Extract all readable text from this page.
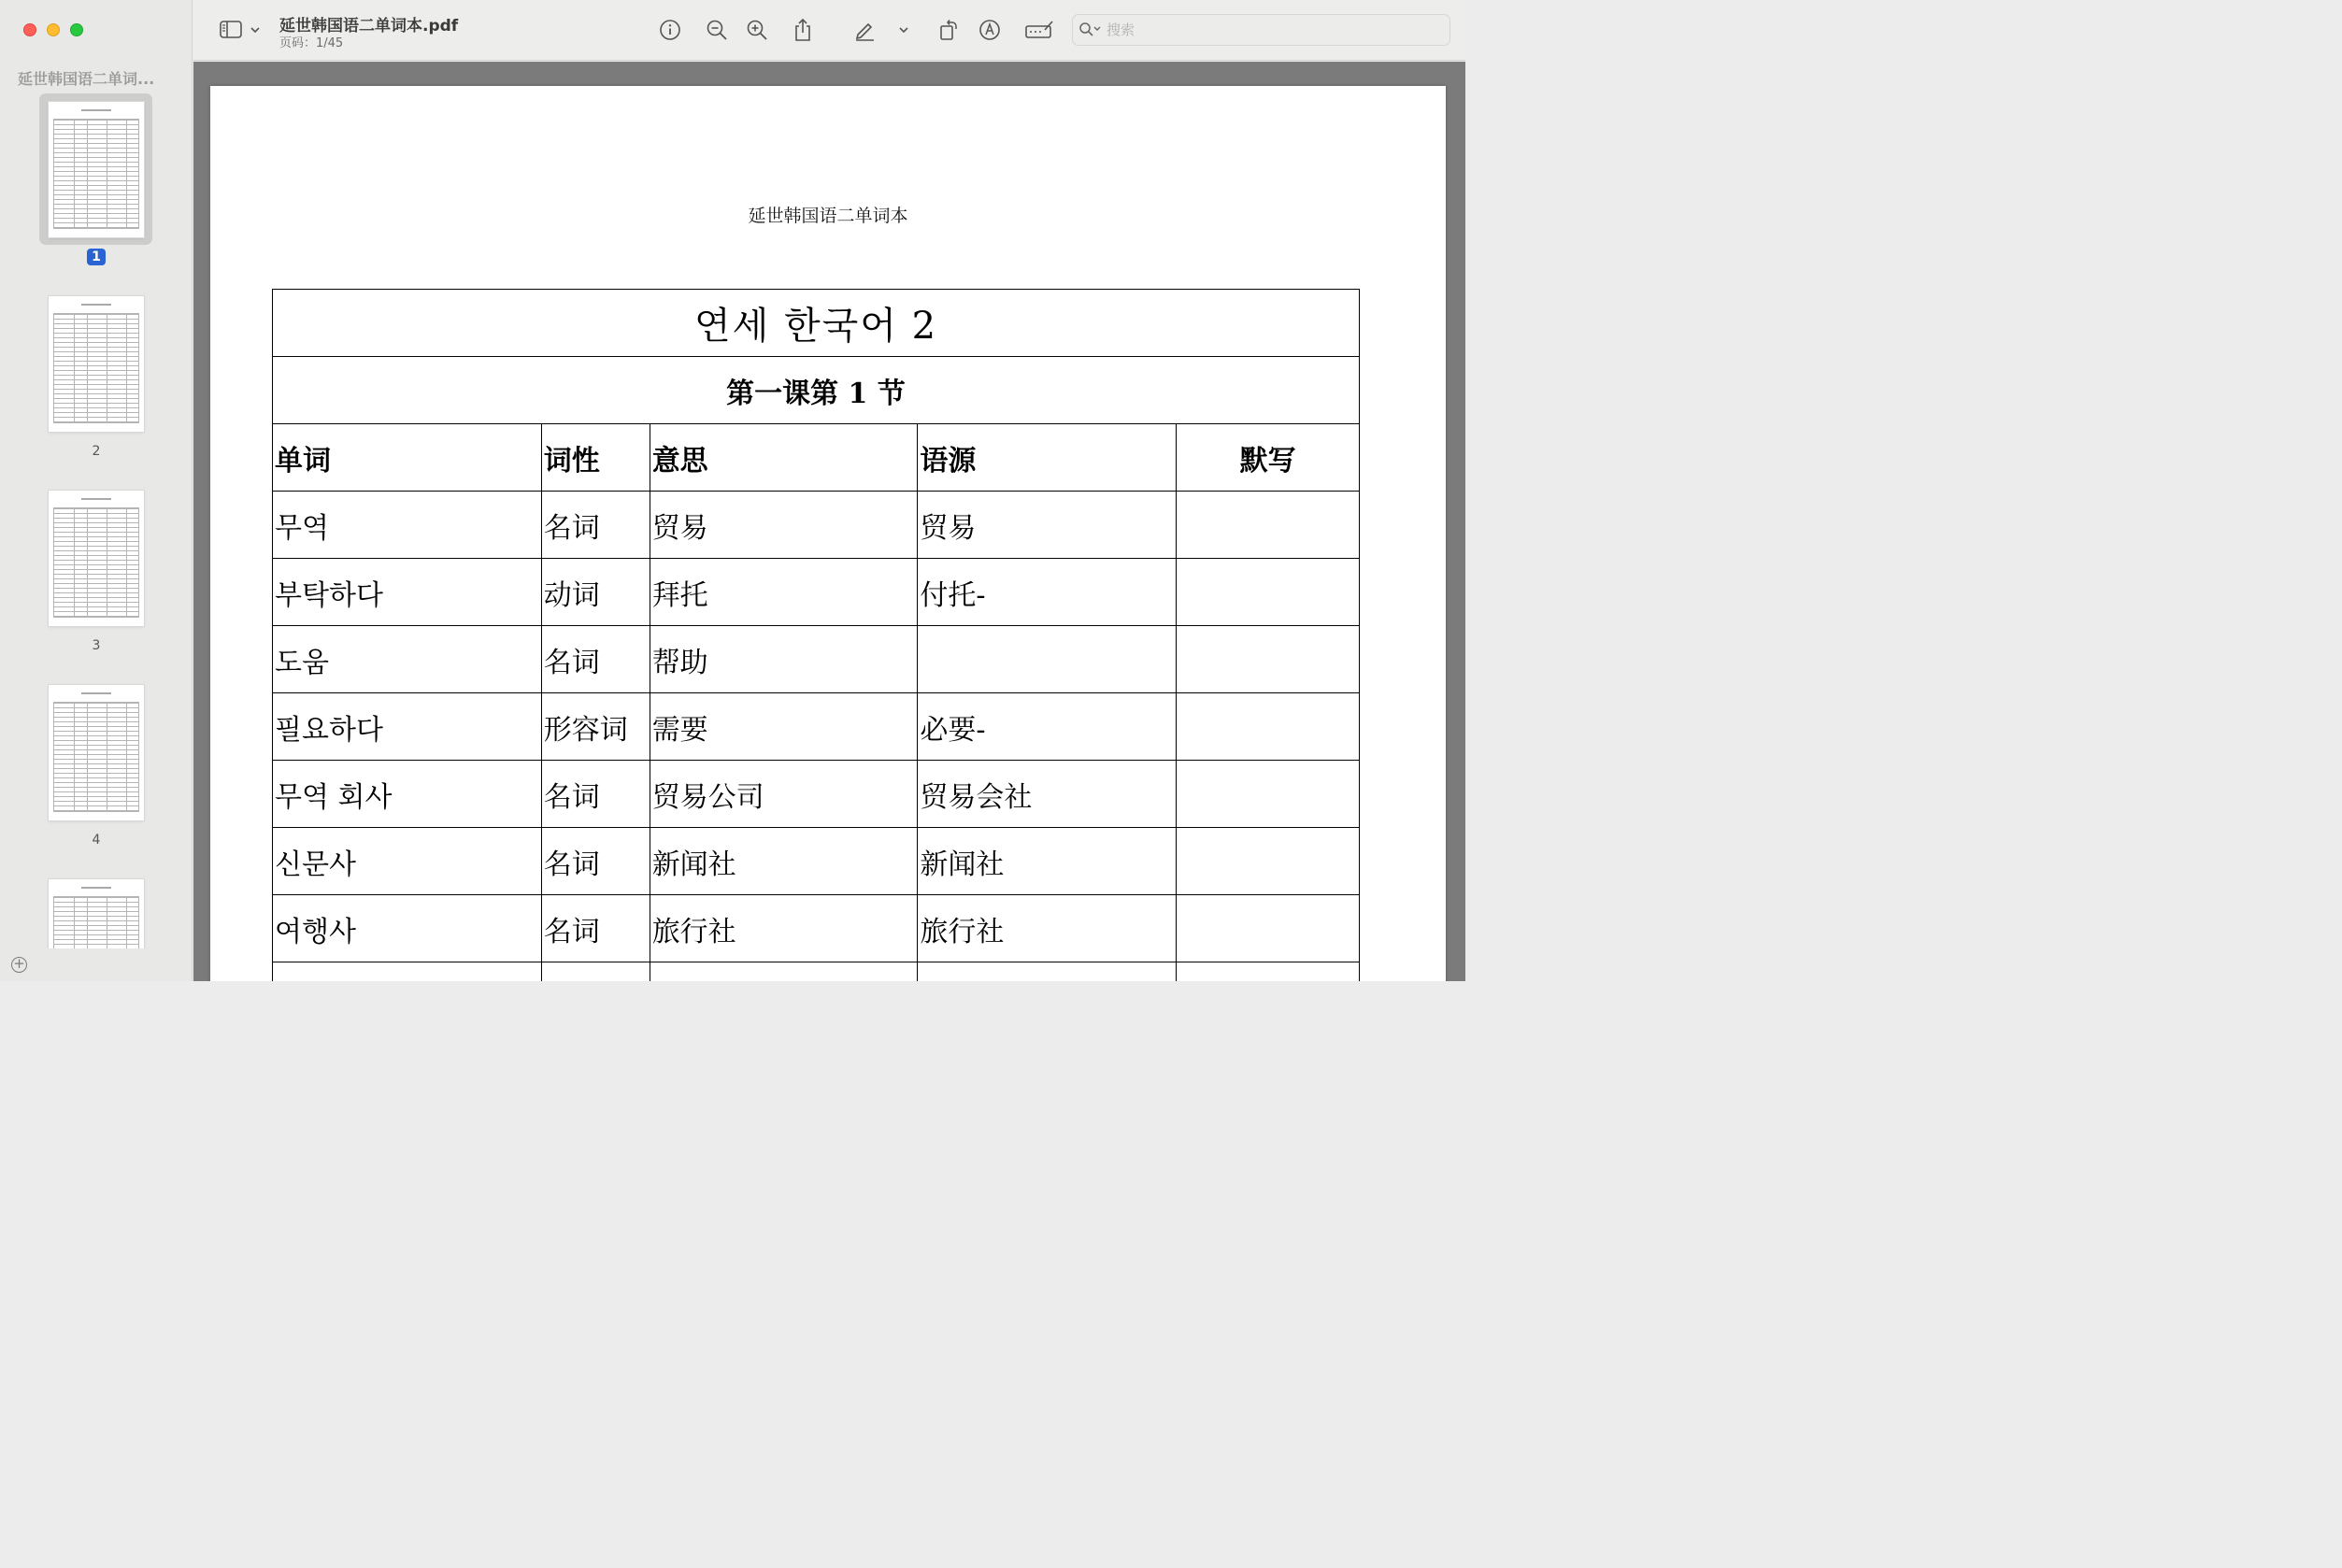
延世韩国语二单词...
1
2
3
4
+
延世韩国语二单词本.pdf
页码：1/45
搜索
延世韩国语二单词本
연세 한국어 2				
第一课第 1 节				
单词	词性	意思	语源	默写
무역	名词	贸易	贸易	
부탁하다	动词	拜托	付托-	
도움	名词	帮助		
필요하다	形容词	需要	必要-	
무역 회사	名词	贸易公司	贸易会社	
신문사	名词	新闻社	新闻社	
여행사	名词	旅行社	旅行社	
